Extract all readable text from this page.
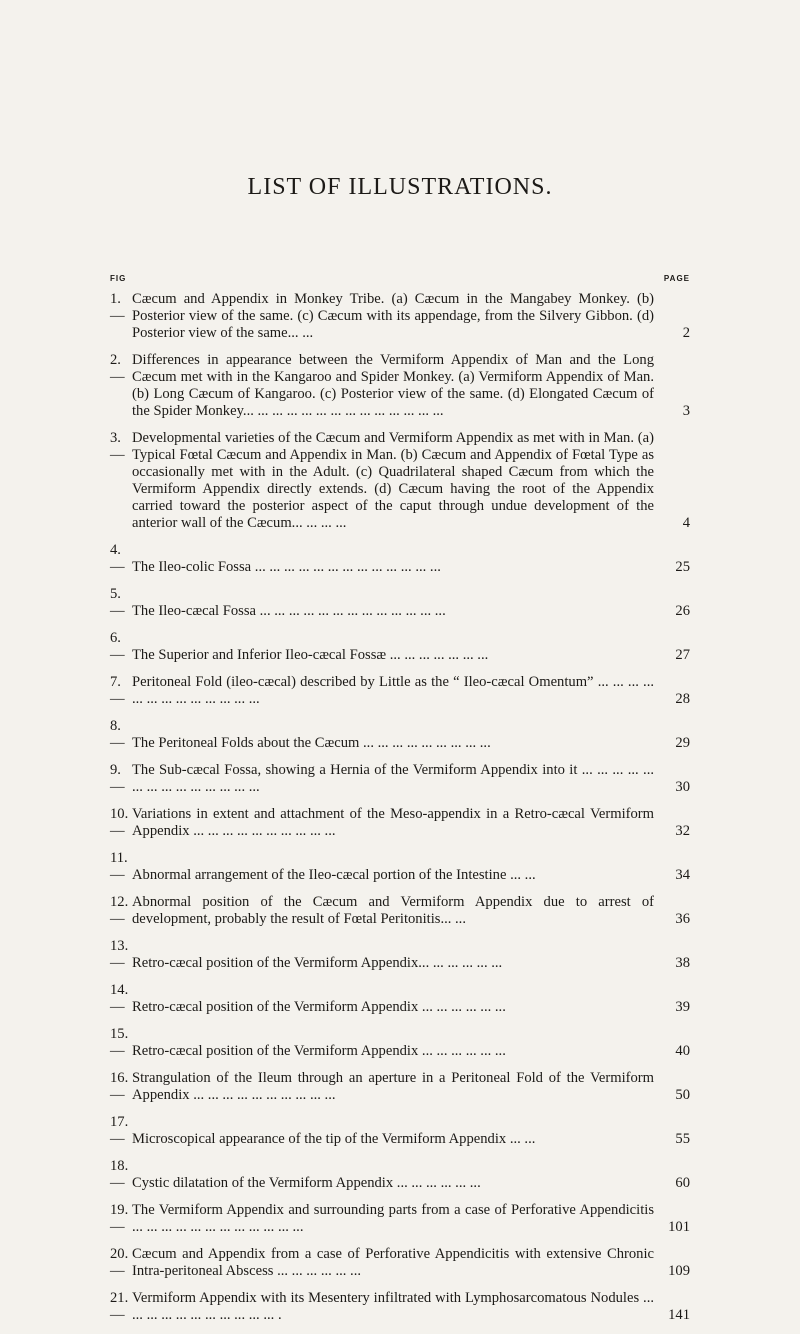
LIST OF ILLUSTRATIONS.
FIG	PAGE
1.—
Cæcum and Appendix in Monkey Tribe. (a) Cæcum in the Mangabey Monkey. (b) Posterior view of the same. (c) Cæcum with its appendage, from the Silvery Gibbon. (d) Posterior view of the same... ...	2
2.—
Differences in appearance between the Vermiform Appendix of Man and the Long Cæcum met with in the Kangaroo and Spider Monkey. (a) Vermiform Appendix of Man. (b) Long Cæcum of Kangaroo. (c) Posterior view of the same. (d) Elongated Cæcum of the Spider Monkey... ... ... ... ... ... ... ... ... ... ... ... ... ...	3
3.—
Developmental varieties of the Cæcum and Vermiform Appendix as met with in Man. (a) Typical Fœtal Cæcum and Appendix in Man. (b) Cæcum and Appendix of Fœtal Type as occasionally met with in the Adult. (c) Quadrilateral shaped Cæcum from which the Vermiform Appendix directly extends. (d) Cæcum having the root of the Appendix carried toward the posterior aspect of the caput through undue development of the anterior wall of the Cæcum... ... ... ...	4
4.— The Ileo-colic Fossa ... ... ... ... ... ... ... ... ... ... ... ... ...	25
5.— The Ileo-cæcal Fossa ... ... ... ... ... ... ... ... ... ... ... ... ...	26
6.— The Superior and Inferior Ileo-cæcal Fossæ ... ... ... ... ... ... ...	27
7.—
Peritoneal Fold (ileo-cæcal) described by Little as the “ Ileo-cæcal Omentum” ... ... ... ... ... ... ... ... ... ... ... ... ...	28
8.— The Peritoneal Folds about the Cæcum ... ... ... ... ... ... ... ... ...	29
9.—
The Sub-cæcal Fossa, showing a Hernia of the Vermiform Appendix into it ... ... ... ... ... ... ... ... ... ... ... ... ... ...	30
10.—
Variations in extent and attachment of the Meso-appendix in a Retro-cæcal Vermiform Appendix ... ... ... ... ... ... ... ... ... ...	32
11.— Abnormal arrangement of the Ileo-cæcal portion of the Intestine ... ...	34
12.—
Abnormal position of the Cæcum and Vermiform Appendix due to arrest of development, probably the result of Fœtal Peritonitis... ...	36
13.— Retro-cæcal position of the Vermiform Appendix... ... ... ... ... ...	38
14.— Retro-cæcal position of the Vermiform Appendix ... ... ... ... ... ...	39
15.— Retro-cæcal position of the Vermiform Appendix ... ... ... ... ... ...	40
16.—
Strangulation of the Ileum through an aperture in a Peritoneal Fold of the Vermiform Appendix ... ... ... ... ... ... ... ... ... ...	50
17.— Microscopical appearance of the tip of the Vermiform Appendix ... ...	55
18.— Cystic dilatation of the Vermiform Appendix ... ... ... ... ... ...	60
19.—
The Vermiform Appendix and surrounding parts from a case of Perforative Appendicitis ... ... ... ... ... ... ... ... ... ... ... ...	101
20.—
Cæcum and Appendix from a case of Perforative Appendicitis with extensive Chronic Intra-peritoneal Abscess ... ... ... ... ... ...	109
21.—
Vermiform Appendix with its Mesentery infiltrated with Lymphosarcomatous Nodules ... ... ... ... ... ... ... ... ... ... ... .	141
